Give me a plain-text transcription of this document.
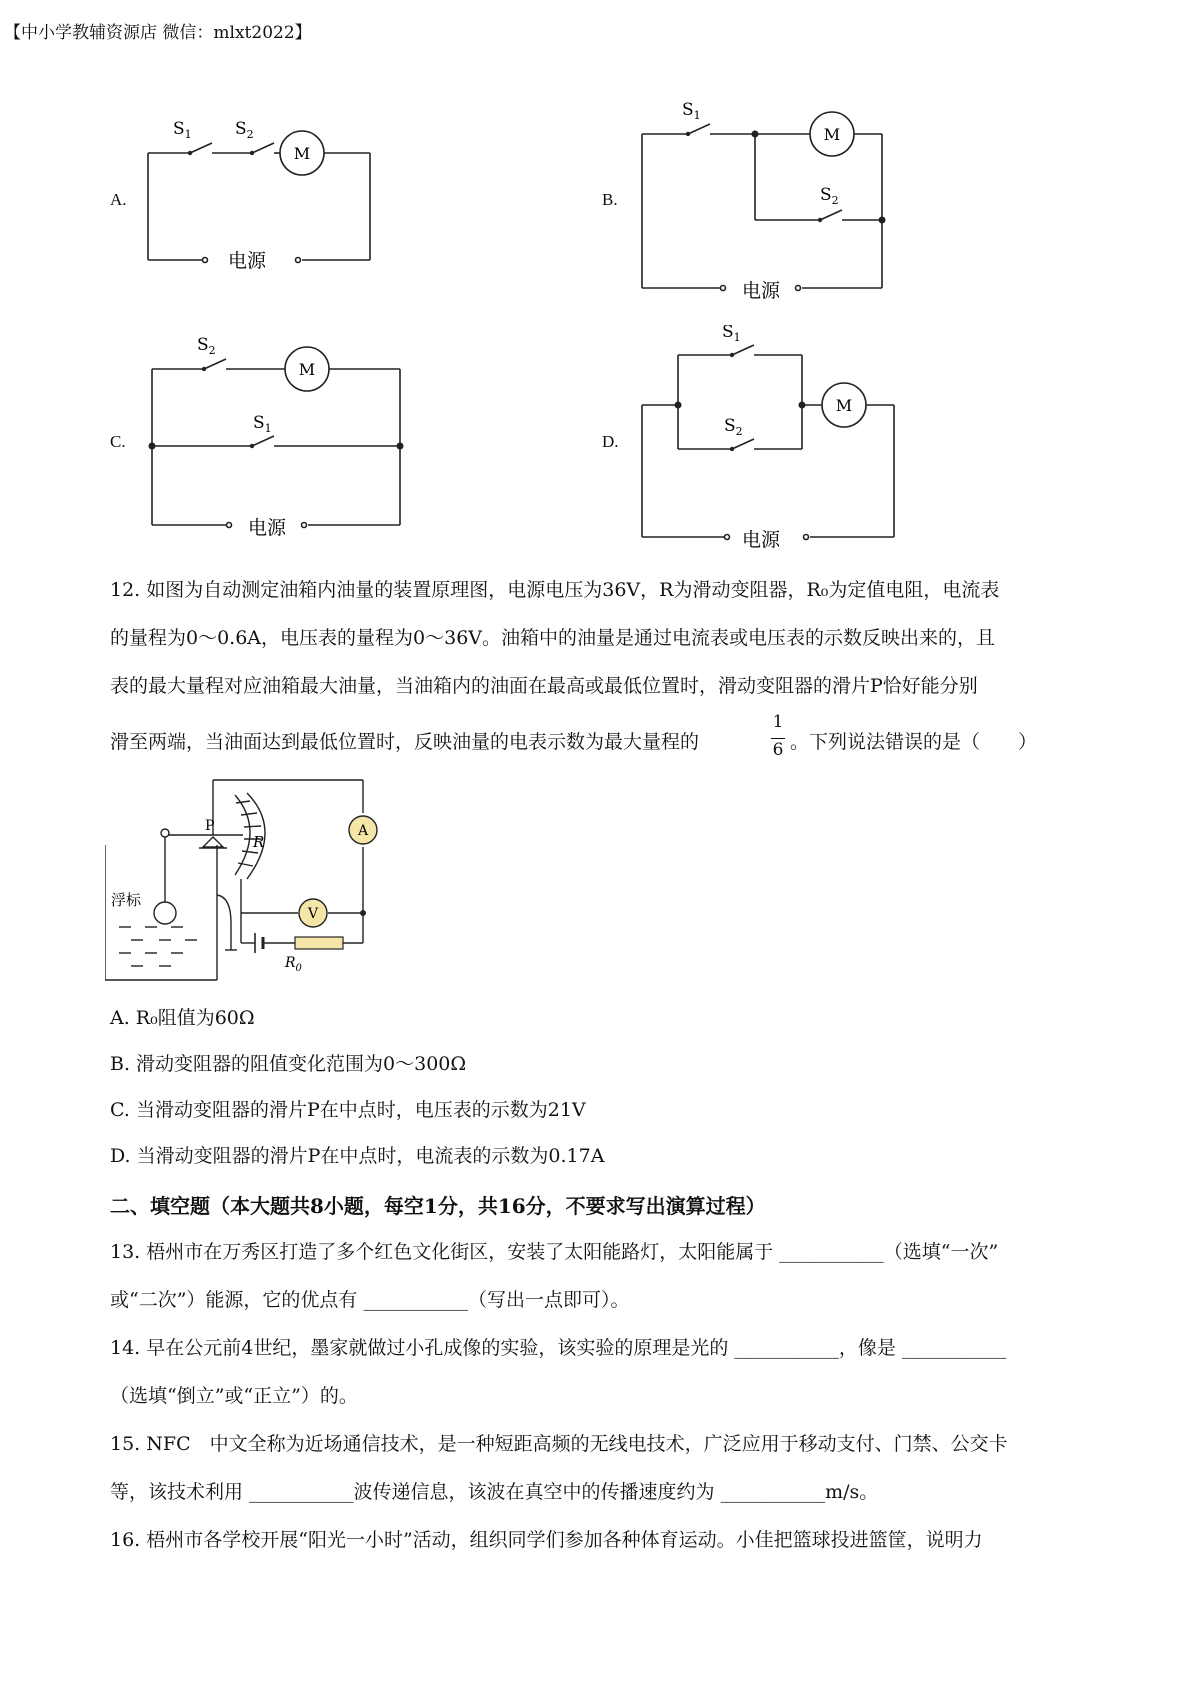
【中小学教辅资源店 微信：mlxt2022】
A.
$S_1$	$S_2$
M
电源
B.
$S_1$
$S_2$
M
电源
C.
$S_2$
$S_1$
M
电源
D.
$S_1$
$S_2$
M
电源
12. 如图为自动测定油箱内油量的装置原理图，电源电压为36V，R为滑动变阻器，R₀为定值电阻，电流表
的量程为0～0.6A，电压表的量程为0～36V。油箱中的油量是通过电流表或电压表的示数反映出来的，且
表的最大量程对应油箱最大油量，当油箱内的油面在最高或最低位置时，滑动变阻器的滑片P恰好能分别
滑至两端，当油面达到最低位置时，反映油量的电表示数为最大量程的
1
6 。下列说法错误的是（　　）
浮标
P
R
A
V
$R_0$
A. R₀阻值为60Ω
B. 滑动变阻器的阻值变化范围为0～300Ω
C. 当滑动变阻器的滑片P在中点时，电压表的示数为21V
D. 当滑动变阻器的滑片P在中点时，电流表的示数为0.17A
二、填空题（本大题共8小题，每空1分，共16分，不要求写出演算过程）
13. 梧州市在万秀区打造了多个红色文化街区，安装了太阳能路灯，太阳能属于 ___________（选填“一次”
或“二次”）能源，它的优点有 ___________（写出一点即可）。
14. 早在公元前4世纪，墨家就做过小孔成像的实验，该实验的原理是光的 ___________，像是 ___________
（选填“倒立”或“正立”）的。
15. NFC　中文全称为近场通信技术，是一种短距高频的无线电技术，广泛应用于移动支付、门禁、公交卡
等，该技术利用 ___________波传递信息，该波在真空中的传播速度约为 ___________m/s。
16. 梧州市各学校开展“阳光一小时”活动，组织同学们参加各种体育运动。小佳把篮球投进篮筐，说明力
